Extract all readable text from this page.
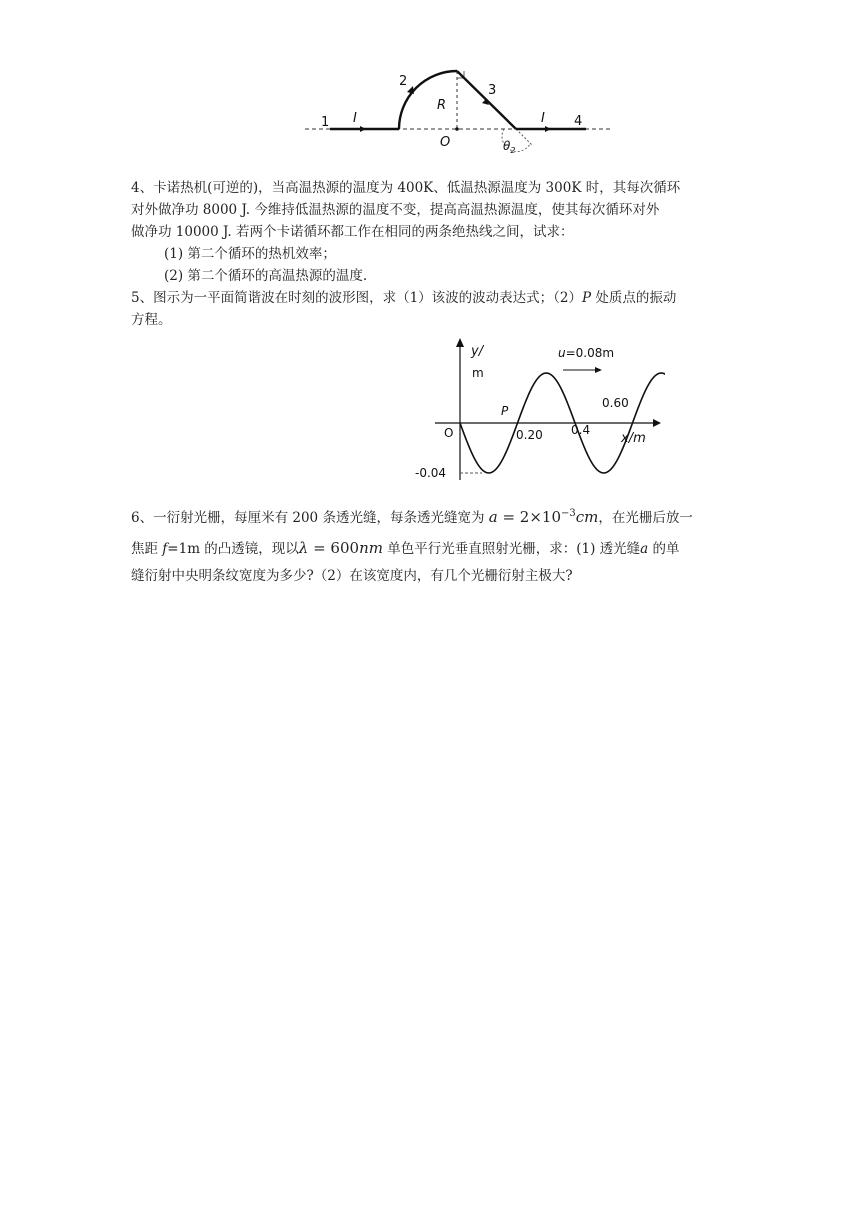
1
2
3
4
I	I
R
O	$\theta_2$
4、卡诺热机(可逆的)，当高温热源的温度为 400K、低温热源温度为 300K 时，其每次循环
对外做净功 8000 J. 今维持低温热源的温度不变，提高高温热源温度，使其每次循环对外
做净功 10000 J. 若两个卡诺循环都工作在相同的两条绝热线之间，试求：
(1) 第二个循环的热机效率；
(2) 第二个循环的高温热源的温度.
5、图示为一平面简谐波在时刻的波形图，求（1）该波的波动表达式；（2）P 处质点的振动
方程。
y/
m
x/m
O
P
u=0.08m
0.20 0.4
0.60
-0.04
6、一衍射光栅，每厘米有 200 条透光缝，每条透光缝宽为 $a = 2\times 10^{-3}cm$，在光栅后放一
焦距 f=1m 的凸透镜，现以λ = 600nm 单色平行光垂直照射光栅，求：(1) 透光缝a 的单
缝衍射中央明条纹宽度为多少?（2）在该宽度内，有几个光栅衍射主极大?
